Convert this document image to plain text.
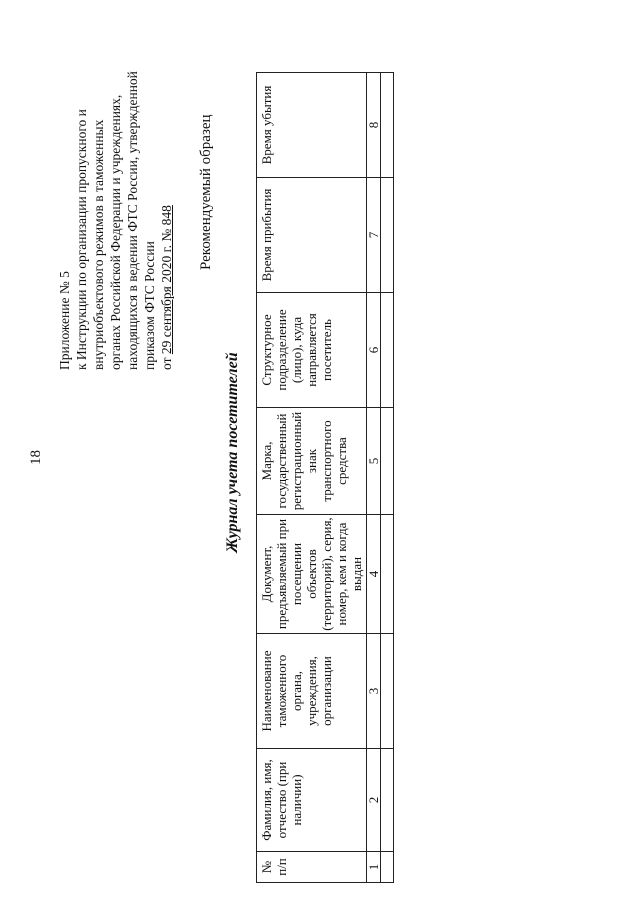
18
Приложение № 5 к Инструкции по организации пропускного и внутриобъектового режимов в таможенных органах Российской Федерации и учреждениях, находящихся в ведении ФТС России, утвержденной приказом ФТС России от 29 сентября 2020 г. № 848
Рекомендуемый образец
Журнал учета посетителей
№ п/п	Фамилия, имя, отчество (при наличии)	Наименование таможенного органа, учреждения, организации	Документ, предъявляемый при посещении объектов (территорий), серия, номер, кем и когда выдан	Марка, государственный регистрационный знак транспортного средства	Структурное подразделение (лицо), куда направляется посетитель	Время прибытия	Время убытия
1	2	3	4	5	6	7	8
